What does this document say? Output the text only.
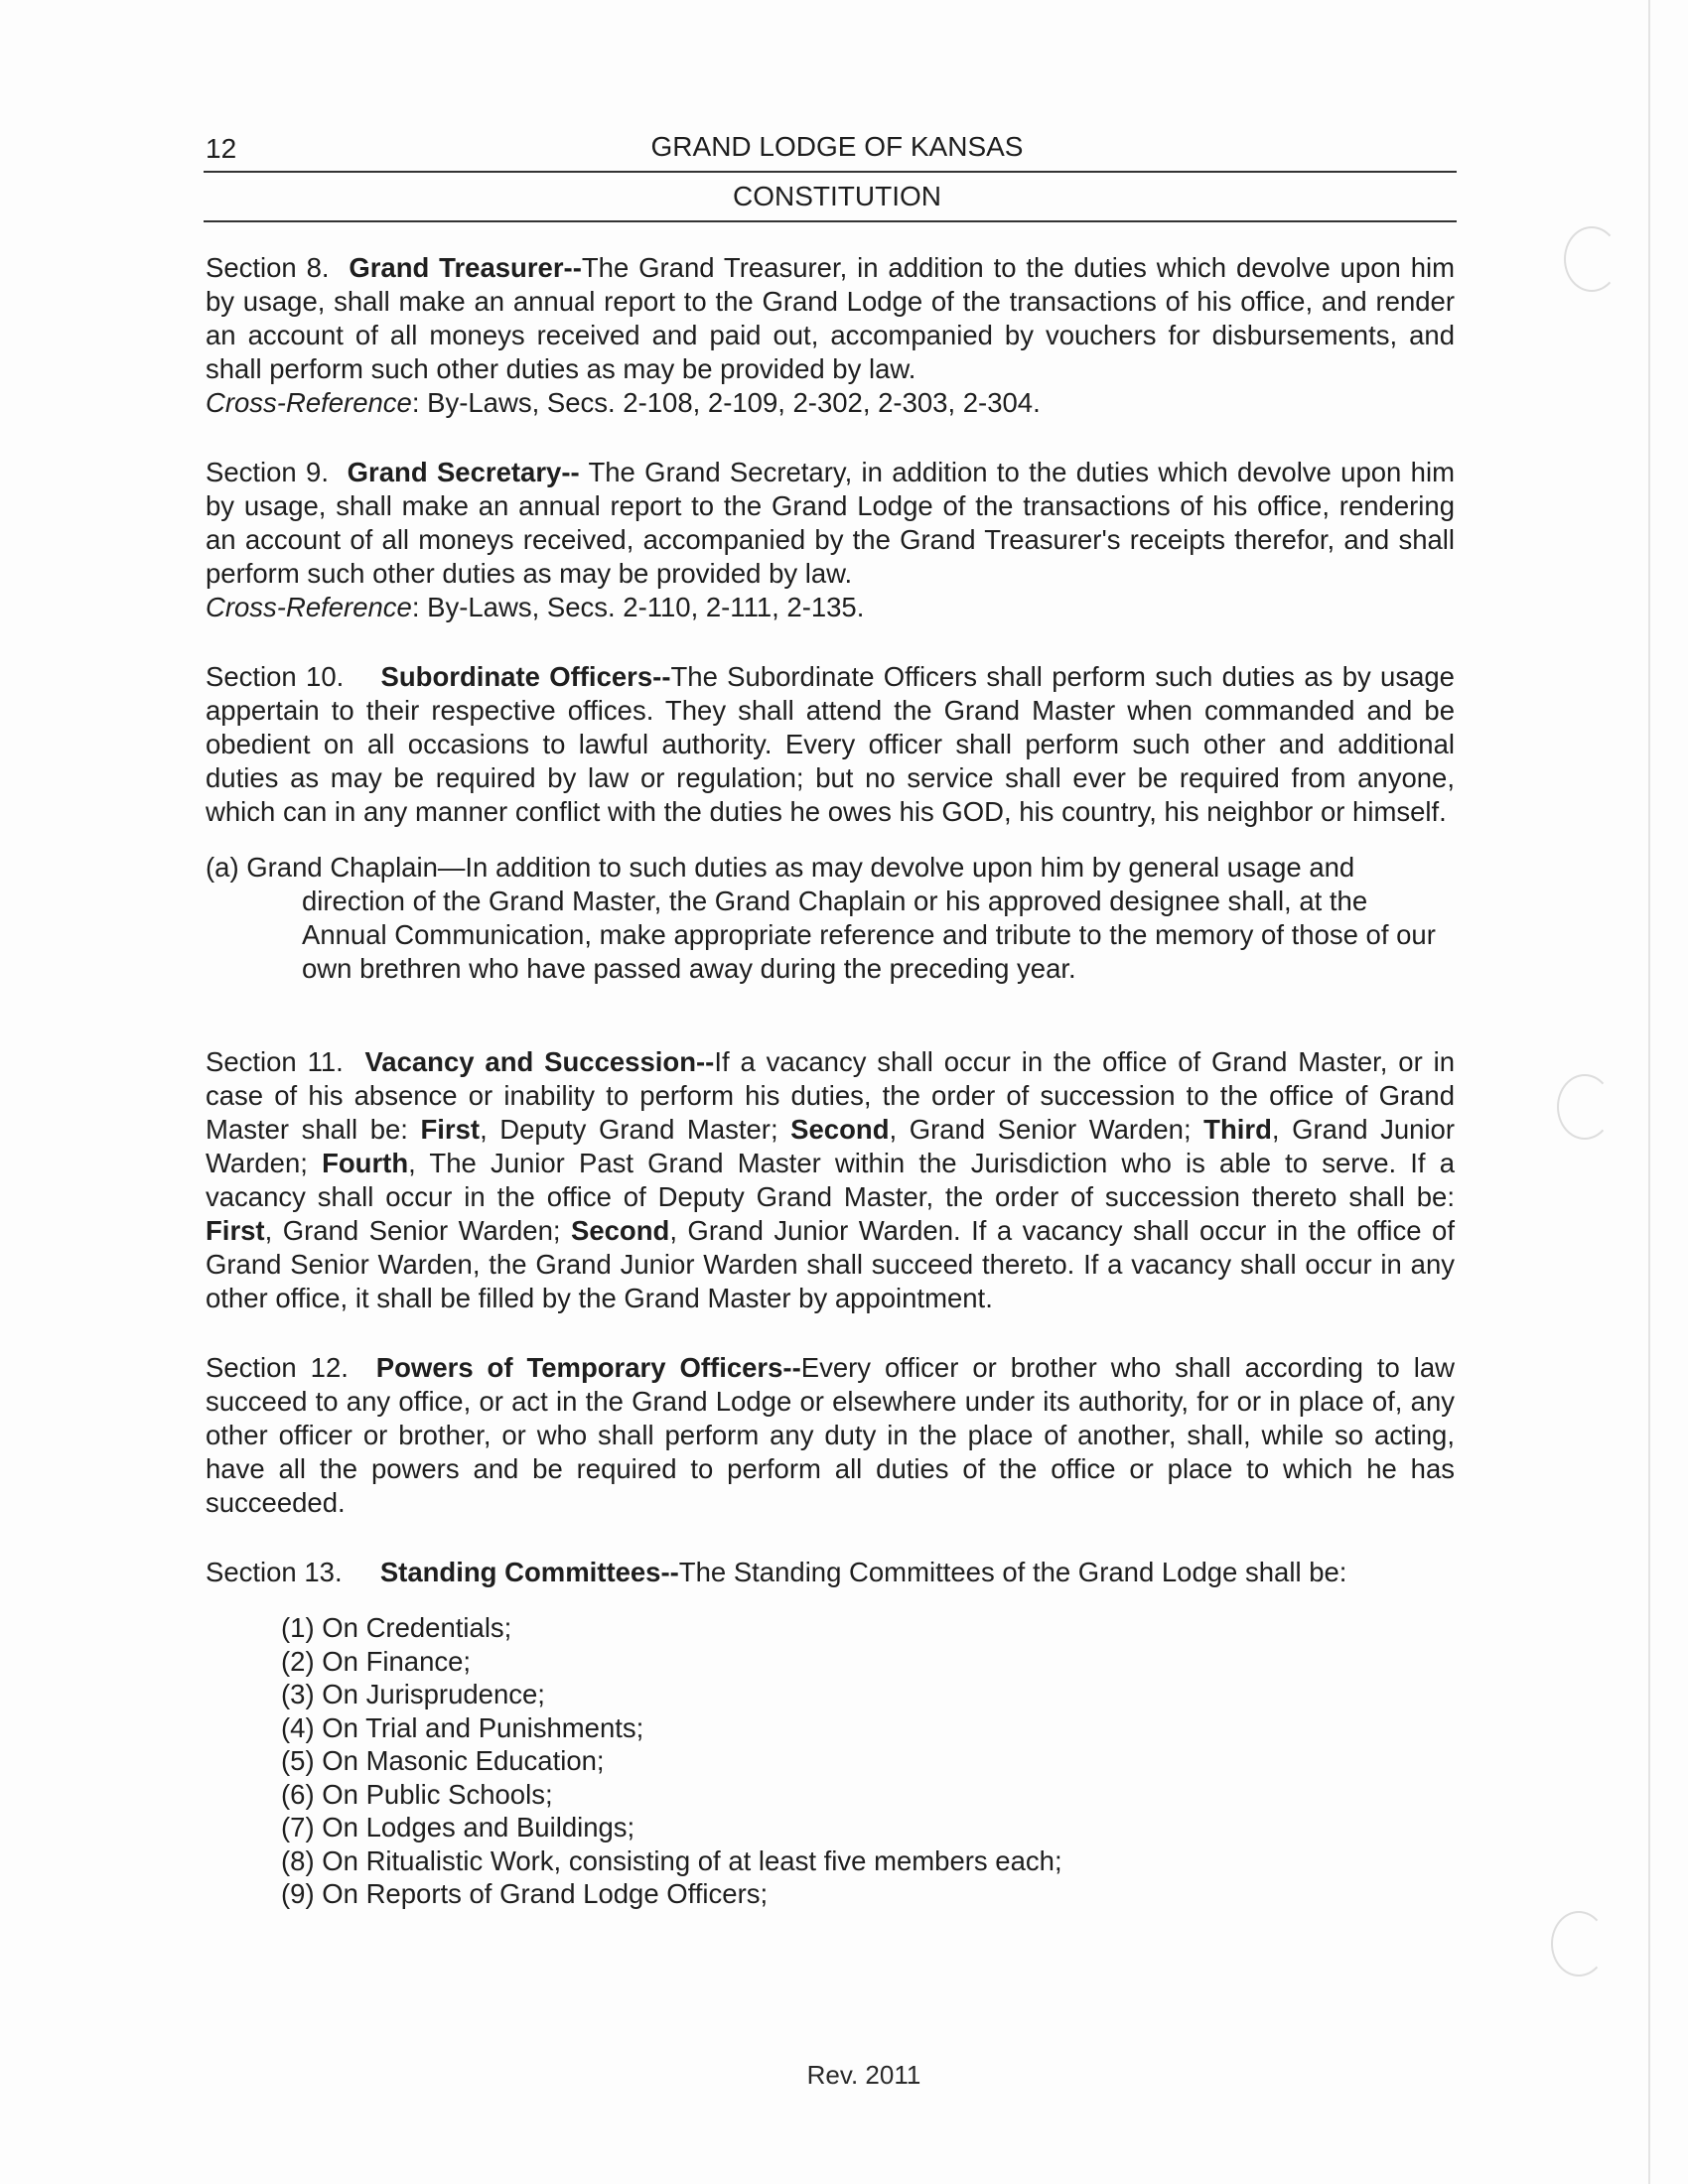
12	GRAND LODGE OF KANSAS
CONSTITUTION

Section 8. Grand Treasurer--The Grand Treasurer, in addition to the duties which devolve upon him by usage, shall make an annual report to the Grand Lodge of the transactions of his office, and render an account of all moneys received and paid out, accompanied by vouchers for disbursements, and shall perform such other duties as may be provided by law.
Cross-Reference: By-Laws, Secs. 2-108, 2-109, 2-302, 2-303, 2-304.

Section 9. Grand Secretary-- The Grand Secretary, in addition to the duties which devolve upon him by usage, shall make an annual report to the Grand Lodge of the transactions of his office, rendering an account of all moneys received, accompanied by the Grand Treasurer's receipts therefor, and shall perform such other duties as may be provided by law.
Cross-Reference: By-Laws, Secs. 2-110, 2-111, 2-135.

Section 10. Subordinate Officers--The Subordinate Officers shall perform such duties as by usage appertain to their respective offices. They shall attend the Grand Master when commanded and be obedient on all occasions to lawful authority. Every officer shall perform such other and additional duties as may be required by law or regulation; but no service shall ever be required from anyone, which can in any manner conflict with the duties he owes his GOD, his country, his neighbor or himself.

(a) Grand Chaplain—In addition to such duties as may devolve upon him by general usage and direction of the Grand Master, the Grand Chaplain or his approved designee shall, at the Annual Communication, make appropriate reference and tribute to the memory of those of our own brethren who have passed away during the preceding year.

Section 11. Vacancy and Succession--If a vacancy shall occur in the office of Grand Master, or in case of his absence or inability to perform his duties, the order of succession to the office of Grand Master shall be: First, Deputy Grand Master; Second, Grand Senior Warden; Third, Grand Junior Warden; Fourth, The Junior Past Grand Master within the Jurisdiction who is able to serve. If a vacancy shall occur in the office of Deputy Grand Master, the order of succession thereto shall be: First, Grand Senior Warden; Second, Grand Junior Warden. If a vacancy shall occur in the office of Grand Senior Warden, the Grand Junior Warden shall succeed thereto. If a vacancy shall occur in any other office, it shall be filled by the Grand Master by appointment.

Section 12. Powers of Temporary Officers--Every officer or brother who shall according to law succeed to any office, or act in the Grand Lodge or elsewhere under its authority, for or in place of, any other officer or brother, or who shall perform any duty in the place of another, shall, while so acting, have all the powers and be required to perform all duties of the office or place to which he has succeeded.

Section 13. Standing Committees--The Standing Committees of the Grand Lodge shall be:

(1) On Credentials;
(2) On Finance;
(3) On Jurisprudence;
(4) On Trial and Punishments;
(5) On Masonic Education;
(6) On Public Schools;
(7) On Lodges and Buildings;
(8) On Ritualistic Work, consisting of at least five members each;
(9) On Reports of Grand Lodge Officers;
Rev. 2011
